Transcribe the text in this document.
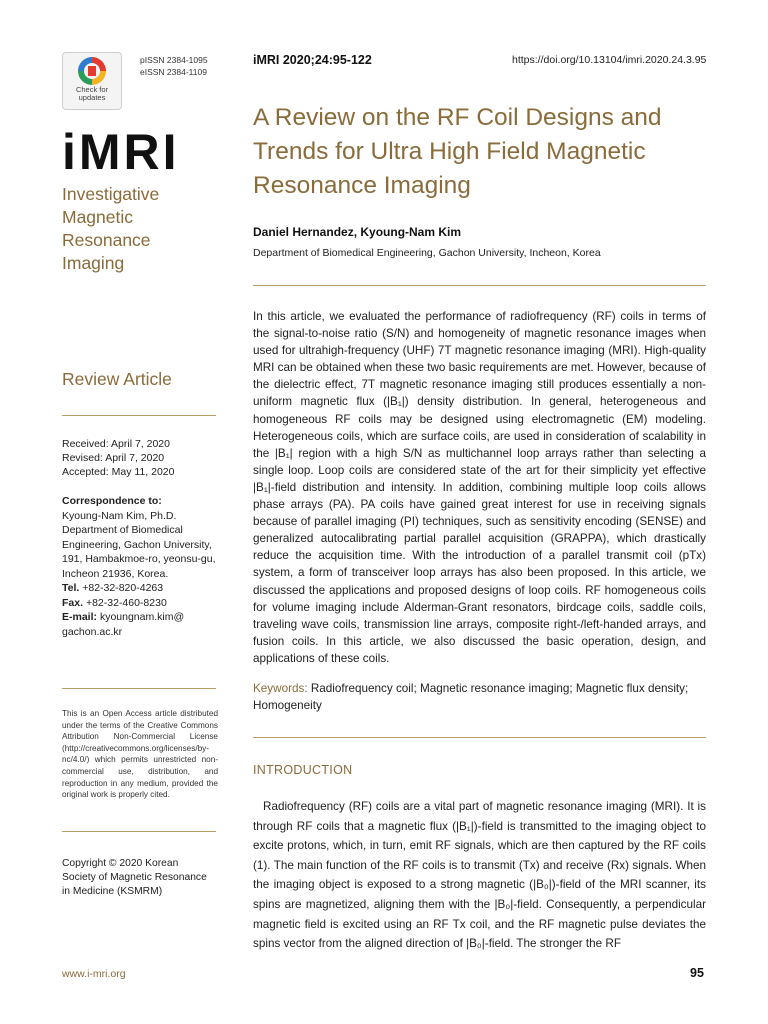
Check for updates
pISSN 2384-1095
eISSN 2384-1109
iMRI
Investigative Magnetic Resonance Imaging
Review Article
Received: April 7, 2020
Revised: April 7, 2020
Accepted: May 11, 2020
Correspondence to:
Kyoung-Nam Kim, Ph.D. Department of Biomedical Engineering, Gachon University, 191, Hambakmoe-ro, yeonsu-gu, Incheon 21936, Korea.
Tel. +82-32-820-4263
Fax. +82-32-460-8230
E-mail: kyoungnam.kim@ gachon.ac.kr
This is an Open Access article distributed under the terms of the Creative Commons Attribution Non-Commercial License (http://creativecommons.org/licenses/by-nc/4.0/) which permits unrestricted non-commercial use, distribution, and reproduction in any medium, provided the original work is properly cited.
Copyright © 2020 Korean Society of Magnetic Resonance in Medicine (KSMRM)
www.i-mri.org
iMRI 2020;24:95-122	https://doi.org/10.13104/imri.2020.24.3.95
A Review on the RF Coil Designs and Trends for Ultra High Field Magnetic Resonance Imaging
Daniel Hernandez, Kyoung-Nam Kim
Department of Biomedical Engineering, Gachon University, Incheon, Korea
In this article, we evaluated the performance of radiofrequency (RF) coils in terms of the signal-to-noise ratio (S/N) and homogeneity of magnetic resonance images when used for ultrahigh-frequency (UHF) 7T magnetic resonance imaging (MRI). High-quality MRI can be obtained when these two basic requirements are met. However, because of the dielectric effect, 7T magnetic resonance imaging still produces essentially a non-uniform magnetic flux (|B₁|) density distribution. In general, heterogeneous and homogeneous RF coils may be designed using electromagnetic (EM) modeling. Heterogeneous coils, which are surface coils, are used in consideration of scalability in the |B₁| region with a high S/N as multichannel loop arrays rather than selecting a single loop. Loop coils are considered state of the art for their simplicity yet effective |B₁|-field distribution and intensity. In addition, combining multiple loop coils allows phase arrays (PA). PA coils have gained great interest for use in receiving signals because of parallel imaging (PI) techniques, such as sensitivity encoding (SENSE) and generalized autocalibrating partial parallel acquisition (GRAPPA), which drastically reduce the acquisition time. With the introduction of a parallel transmit coil (pTx) system, a form of transceiver loop arrays has also been proposed. In this article, we discussed the applications and proposed designs of loop coils. RF homogeneous coils for volume imaging include Alderman-Grant resonators, birdcage coils, saddle coils, traveling wave coils, transmission line arrays, composite right-/left-handed arrays, and fusion coils. In this article, we also discussed the basic operation, design, and applications of these coils.
Keywords: Radiofrequency coil; Magnetic resonance imaging; Magnetic flux density; Homogeneity
INTRODUCTION
Radiofrequency (RF) coils are a vital part of magnetic resonance imaging (MRI). It is through RF coils that a magnetic flux (|B₁|)-field is transmitted to the imaging object to excite protons, which, in turn, emit RF signals, which are then captured by the RF coils (1). The main function of the RF coils is to transmit (Tx) and receive (Rx) signals. When the imaging object is exposed to a strong magnetic (|B₀|)-field of the MRI scanner, its spins are magnetized, aligning them with the |B₀|-field. Consequently, a perpendicular magnetic field is excited using an RF Tx coil, and the RF magnetic pulse deviates the spins vector from the aligned direction of |B₀|-field. The stronger the RF
95
